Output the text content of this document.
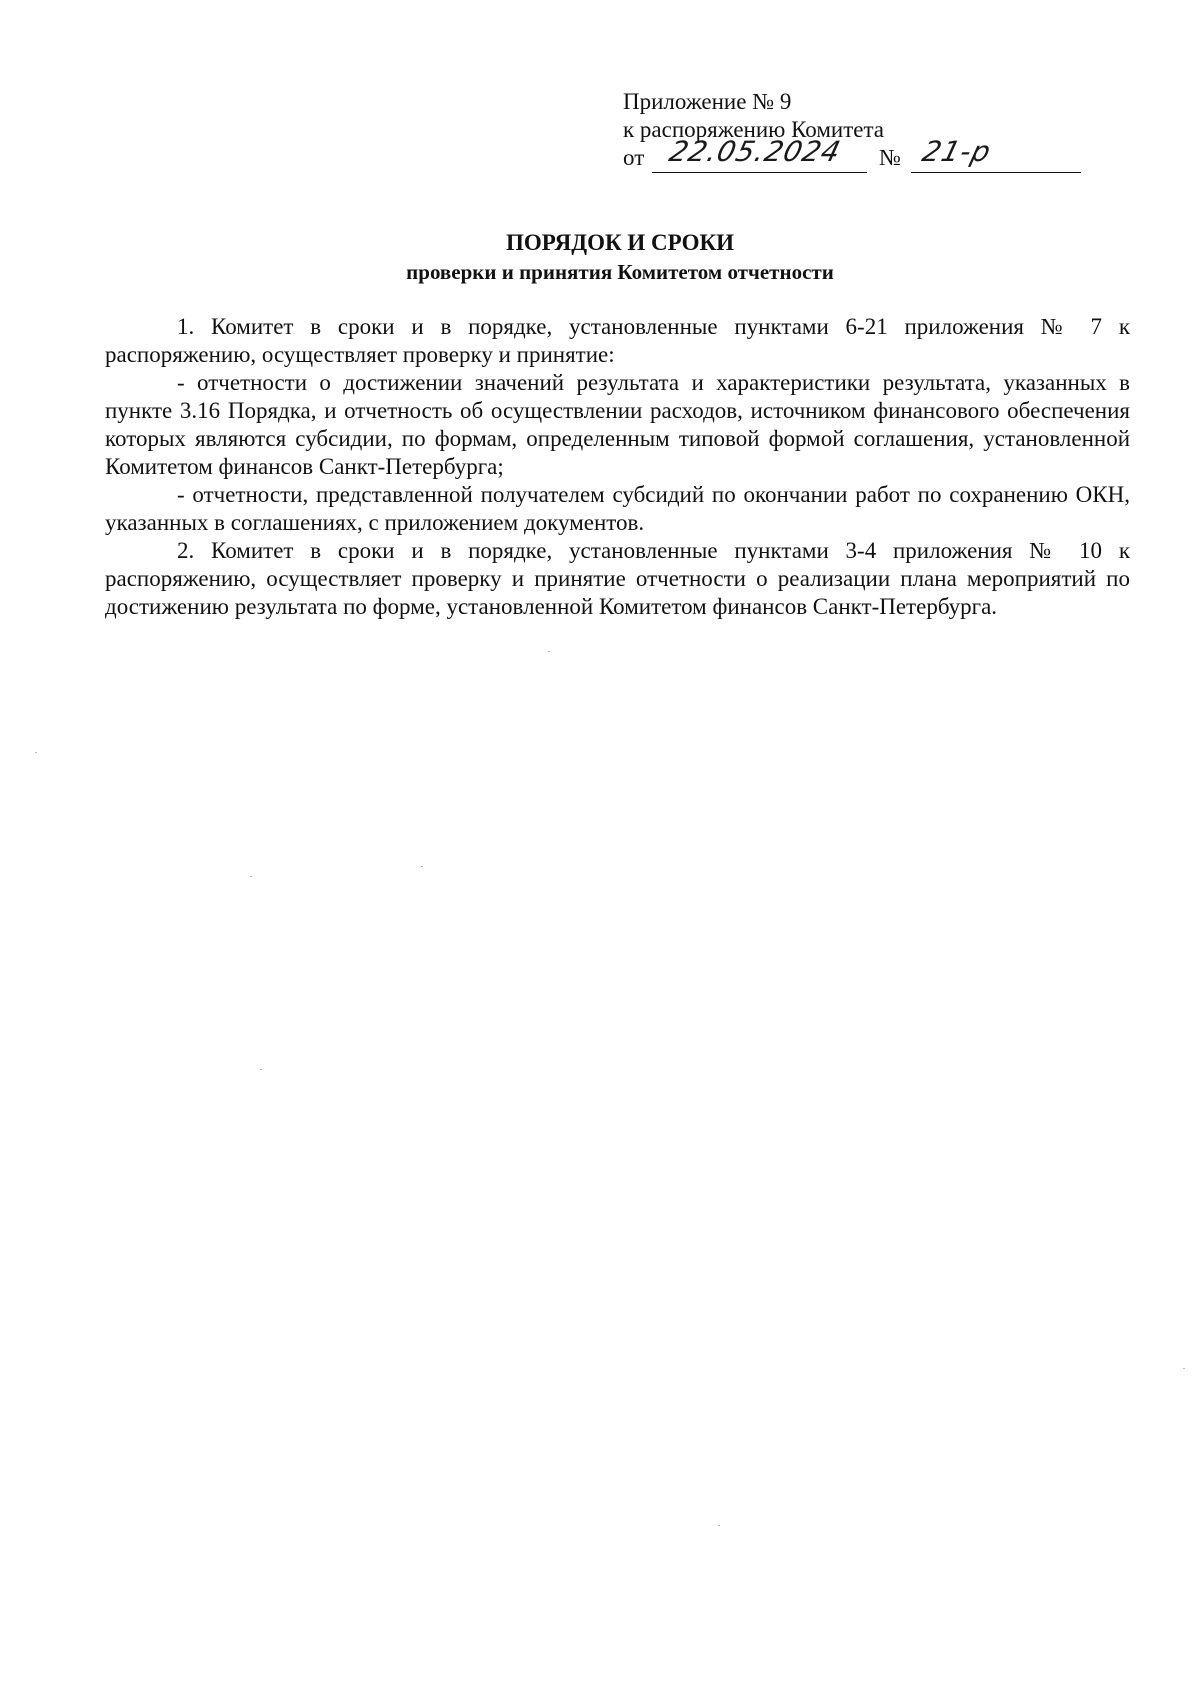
Приложение № 9
к распоряжению Комитета
от 22.05.2024 № 21-р
ПОРЯДОК И СРОКИ
проверки и принятия Комитетом отчетности

1. Комитет в сроки и в порядке, установленные пунктами 6-21 приложения № 7 к распоряжению, осуществляет проверку и принятие:

- отчетности о достижении значений результата и характеристики результата, указанных в пункте 3.16 Порядка, и отчетность об осуществлении расходов, источником финансового обеспечения которых являются субсидии, по формам, определенным типовой формой соглашения, установленной Комитетом финансов Санкт-Петербурга;

- отчетности, представленной получателем субсидий по окончании работ по сохранению ОКН, указанных в соглашениях, с приложением документов.

2. Комитет в сроки и в порядке, установленные пунктами 3-4 приложения № 10 к распоряжению, осуществляет проверку и принятие отчетности о реализации плана мероприятий по достижению результата по форме, установленной Комитетом финансов Санкт-Петербурга.
